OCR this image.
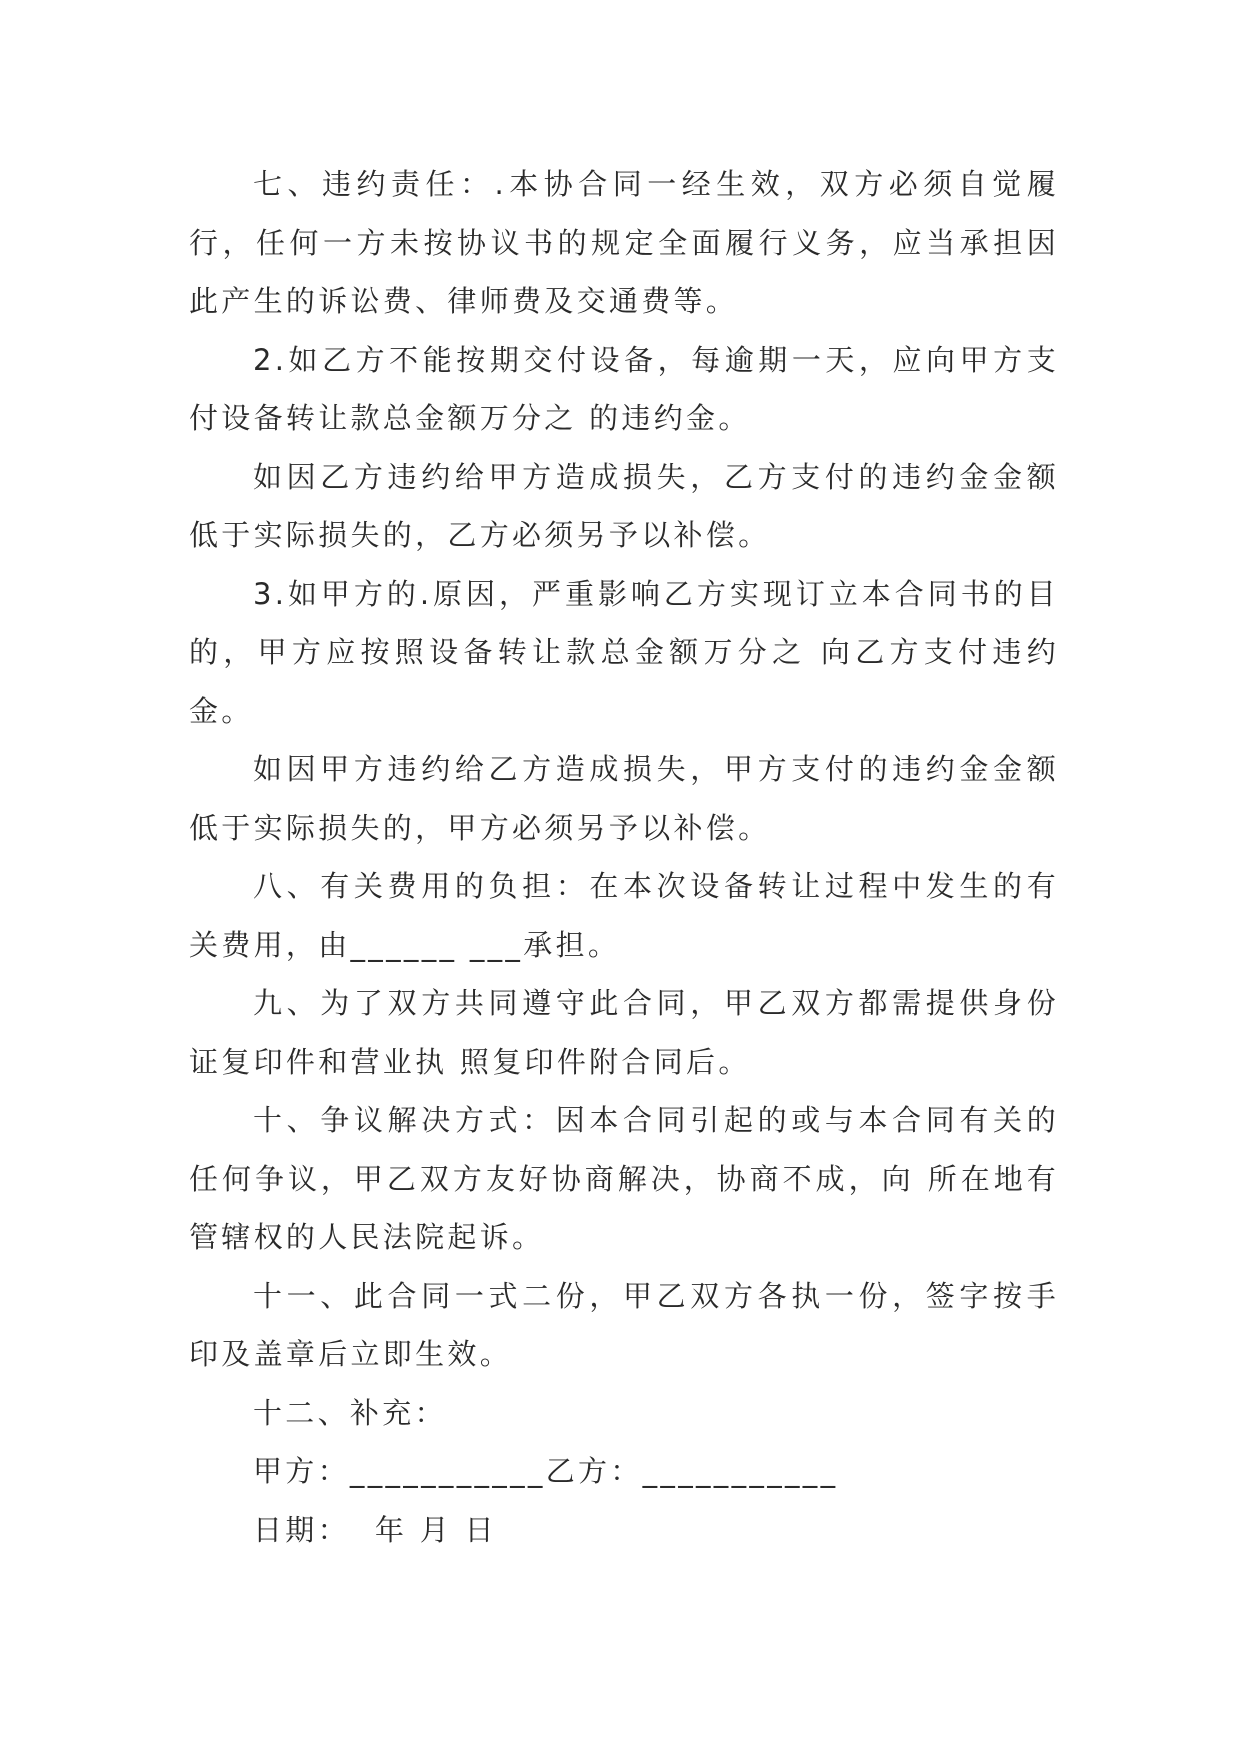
七、违约责任：.本协合同一经生效，双方必须自觉履行，任何一方未按协议书的规定全面履行义务，应当承担因此产生的诉讼费、律师费及交通费等。

2.如乙方不能按期交付设备，每逾期一天，应向甲方支付设备转让款总金额万分之 的违约金。

如因乙方违约给甲方造成损失，乙方支付的违约金金额低于实际损失的，乙方必须另予以补偿。

3.如甲方的.原因，严重影响乙方实现订立本合同书的目的，甲方应按照设备转让款总金额万分之 向乙方支付违约金。

如因甲方违约给乙方造成损失，甲方支付的违约金金额低于实际损失的，甲方必须另予以补偿。

八、有关费用的负担：在本次设备转让过程中发生的有关费用，由______ ___承担。

九、为了双方共同遵守此合同，甲乙双方都需提供身份证复印件和营业执 照复印件附合同后。

十、争议解决方式：因本合同引起的或与本合同有关的任何争议，甲乙双方友好协商解决，协商不成，向 所在地有管辖权的人民法院起诉。

十一、此合同一式二份，甲乙双方各执一份，签字按手印及盖章后立即生效。

十二、补充：

甲方：___________乙方：___________

日期：  年 月 日
